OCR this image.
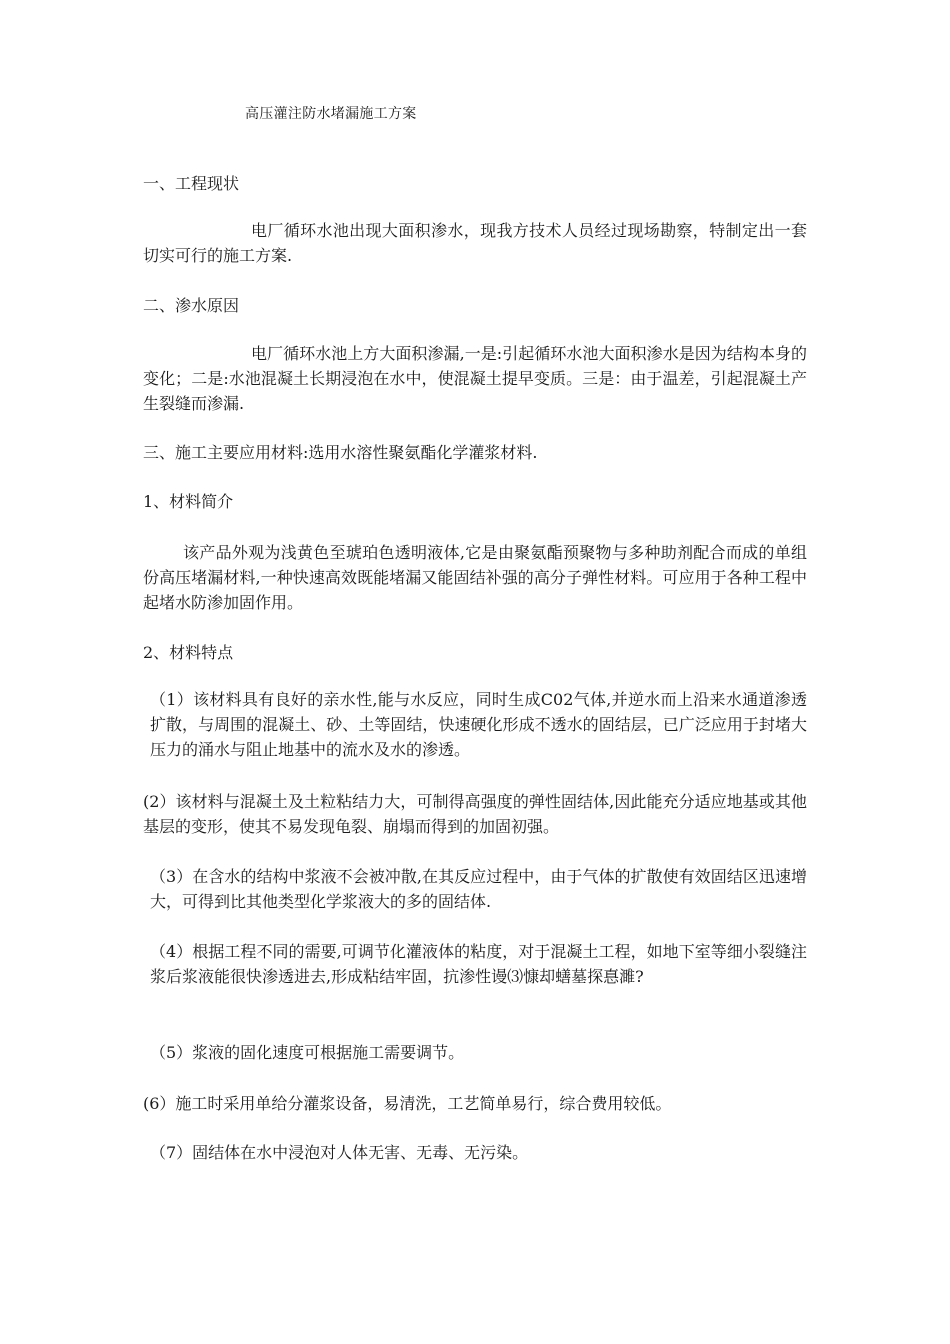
高压灌注防水堵漏施工方案
一、工程现状

电厂循环水池出现大面积渗水，现我方技术人员经过现场勘察，特制定出一套切实可行的施工方案.

二、渗水原因

电厂循环水池上方大面积渗漏,一是:引起循环水池大面积渗水是因为结构本身的变化；二是:水池混凝土长期浸泡在水中，使混凝土提早变质。三是：由于温差，引起混凝土产生裂缝而渗漏.

三、施工主要应用材料:选用水溶性聚氨酯化学灌浆材料.
1、材料简介

该产品外观为浅黄色至琥珀色透明液体,它是由聚氨酯预聚物与多种助剂配合而成的单组份高压堵漏材料,一种快速高效既能堵漏又能固结补强的高分子弹性材料。可应用于各种工程中起堵水防渗加固作用。

2、材料特点

（1）该材料具有良好的亲水性,能与水反应，同时生成C02气体,并逆水而上沿来水通道渗透扩散，与周围的混凝土、砂、土等固结，快速硬化形成不透水的固结层，已广泛应用于封堵大压力的涌水与阻止地基中的流水及水的渗透。

(2）该材料与混凝土及土粒粘结力大，可制得高强度的弹性固结体,因此能充分适应地基或其他基层的变形，使其不易发现龟裂、崩塌而得到的加固初强。

（3）在含水的结构中浆液不会被冲散,在其反应过程中，由于气体的扩散使有效固结区迅速增大，可得到比其他类型化学浆液大的多的固结体.

（4）根据工程不同的需要,可调节化灌液体的粘度，对于混凝土工程，如地下室等细小裂缝注浆后浆液能很快渗透进去,形成粘结牢固，抗渗性谩⑶慷却蟮墓探惪濉?

（5）浆液的固化速度可根据施工需要调节。

(6）施工时采用单给分灌浆设备，易清洗，工艺简单易行，综合费用较低。

（7）固结体在水中浸泡对人体无害、无毒、无污染。
